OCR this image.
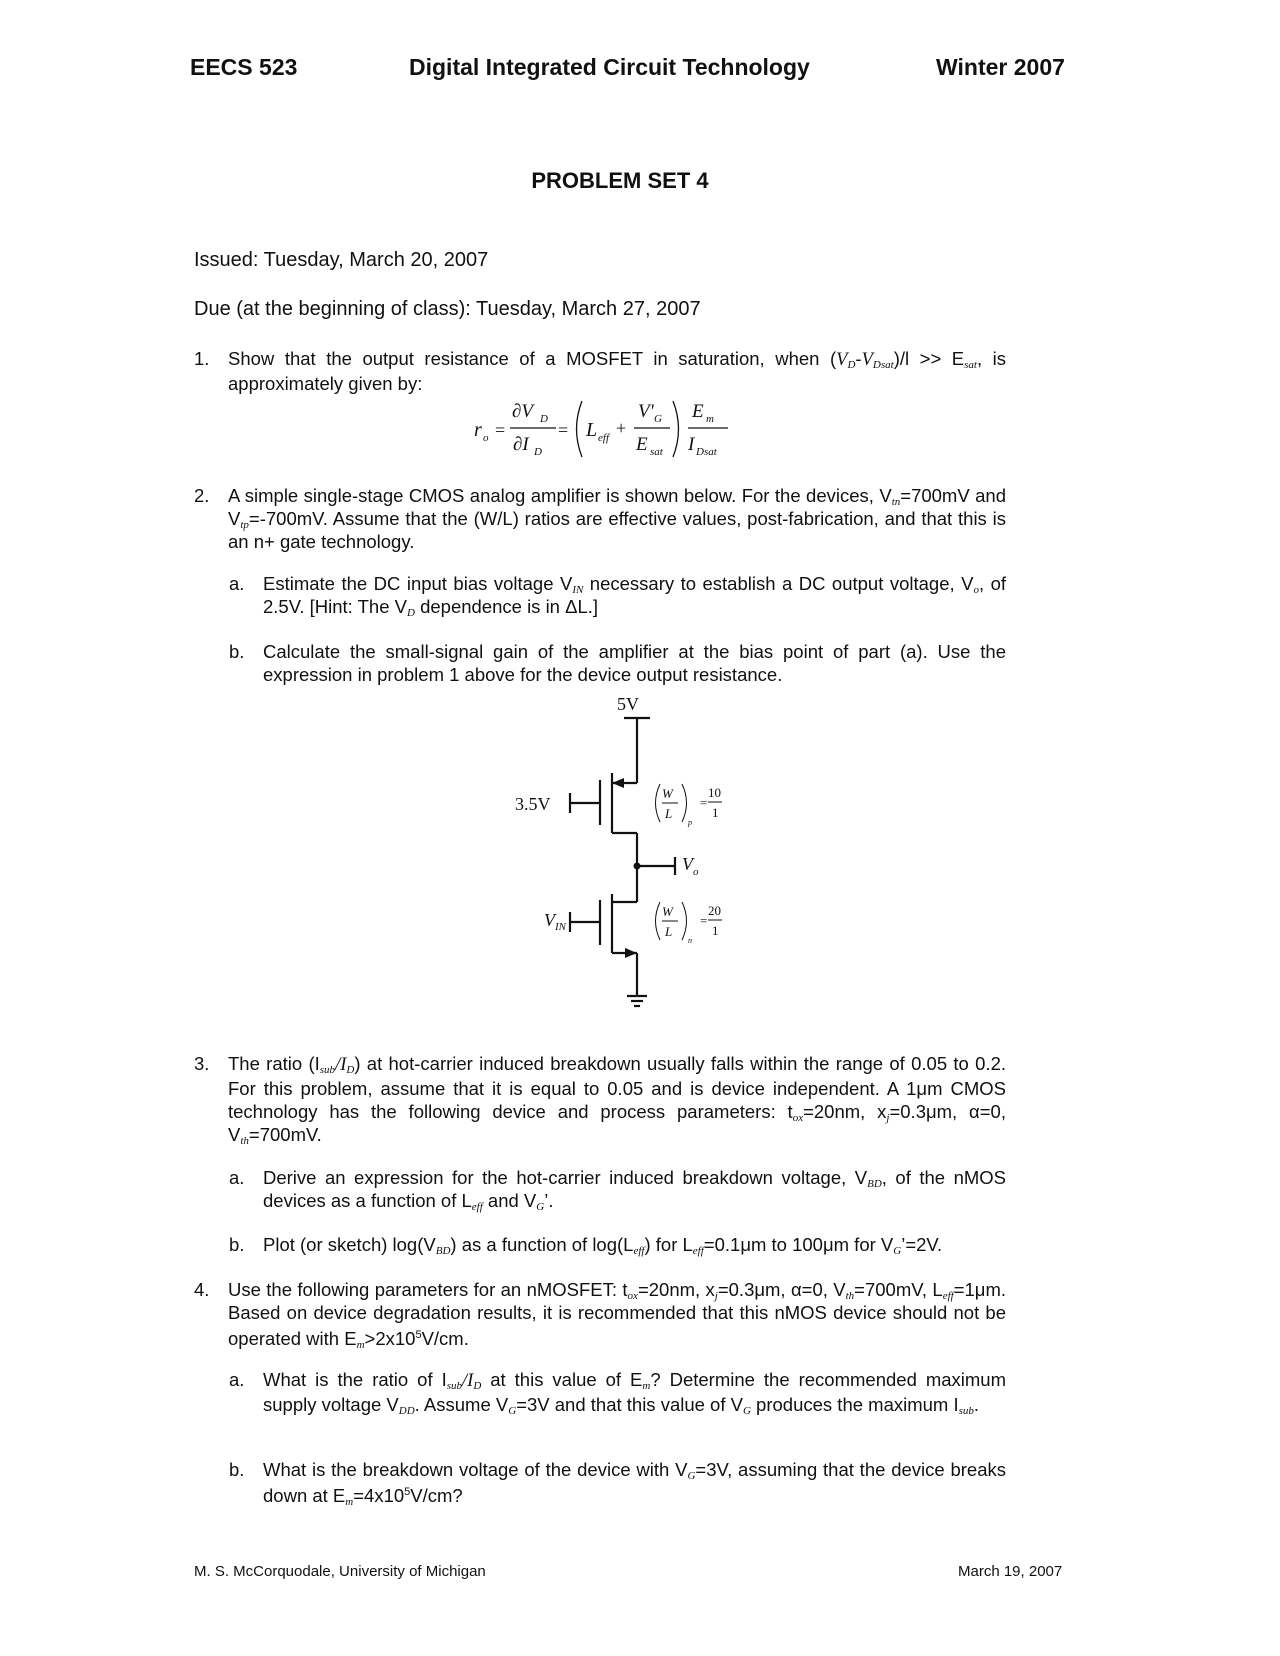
EECS 523	Digital Integrated Circuit Technology	Winter 2007
PROBLEM SET 4
Issued: Tuesday, March 20, 2007
Due (at the beginning of class): Tuesday, March 27, 2007
1. Show that the output resistance of a MOSFET in saturation, when $(V_D-V_{Dsat})/l >> E_{sat}$, is approximately given by:
r o =
∂V D
∂I D
= L eff +
V' G
E sat
E m
I Dsat
2. A simple single-stage CMOS analog amplifier is shown below. For the devices, $V_{tn}=700mV$ and $V_{tp}=-700mV$. Assume that the (W/L) ratios are effective values, post-fabrication, and that this is an n+ gate technology.
a. Estimate the DC input bias voltage $V_{IN}$ necessary to establish a DC output voltage, $V_o$, of 2.5V. [Hint: The $V_D$ dependence is in ΔL.]
b. Calculate the small-signal gain of the amplifier at the bias point of part (a). Use the expression in problem 1 above for the device output resistance.
5V
3.5V
$V_{IN}$
$V_o$
W
L
p
=
10
1
W
L
n
=
20
1
3. The ratio $(I_{sub}/I_D)$ at hot-carrier induced breakdown usually falls within the range of 0.05 to 0.2. For this problem, assume that it is equal to 0.05 and is device independent. A 1μm CMOS technology has the following device and process parameters: $t_{ox}=20nm$, $x_j=0.3\mu m$, α=0, $V_{th}=700mV$.
a. Derive an expression for the hot-carrier induced breakdown voltage, $V_{BD}$, of the nMOS devices as a function of $L_{eff}$ and $V_G$’.
b. Plot (or sketch) $\log(V_{BD})$ as a function of $\log(L_{eff})$ for $L_{eff}=0.1\mu m$ to 100μm for $V_G’=2V$.
4. Use the following parameters for an nMOSFET: $t_{ox}=20nm$, $x_j=0.3\mu m$, α=0, $V_{th}=700mV$, $L_{eff}=1\mu m$. Based on device degradation results, it is recommended that this nMOS device should not be operated with $E_m>2x10^5V/cm$.
a. What is the ratio of $I_{sub}/I_D$ at this value of $E_m$? Determine the recommended maximum supply voltage $V_{DD}$. Assume $V_G=3V$ and that this value of $V_G$ produces the maximum $I_{sub}$.
b. What is the breakdown voltage of the device with $V_G=3V$, assuming that the device breaks down at $E_m=4x10^5V/cm$?
M. S. McCorquodale, University of Michigan	March 19, 2007
